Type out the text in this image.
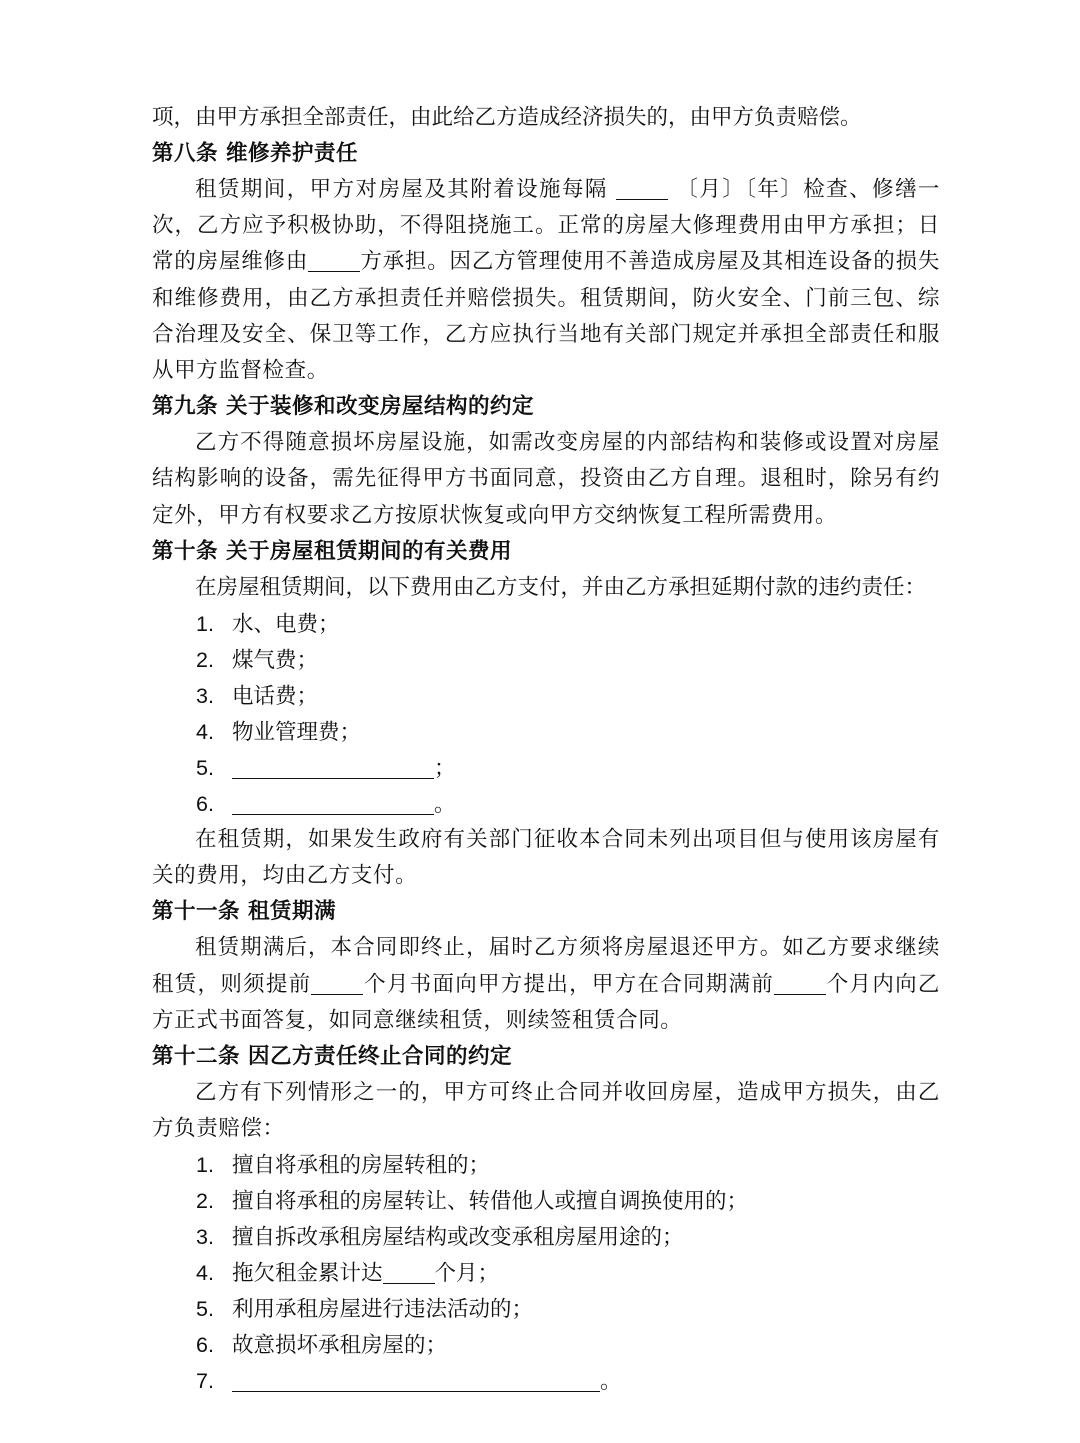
项，由甲方承担全部责任，由此给乙方造成经济损失的，由甲方负责赔偿。
第八条 维修养护责任
租赁期间，甲方对房屋及其附着设施每隔	〔月〕〔年〕检查、修缮一次，乙方应予积极协助，不得阻挠施工。正常的房屋大修理费用由甲方承担；日常的房屋维修由 方承担。因乙方管理使用不善造成房屋及其相连设备的损失和维修费用，由乙方承担责任并赔偿损失。租赁期间，防火安全、门前三包、综合治理及安全、保卫等工作，乙方应执行当地有关部门规定并承担全部责任和服从甲方监督检查。
第九条 关于装修和改变房屋结构的约定
乙方不得随意损坏房屋设施，如需改变房屋的内部结构和装修或设置对房屋结构影响的设备，需先征得甲方书面同意，投资由乙方自理。退租时，除另有约定外，甲方有权要求乙方按原状恢复或向甲方交纳恢复工程所需费用。
第十条 关于房屋租赁期间的有关费用
在房屋租赁期间，以下费用由乙方支付，并由乙方承担延期付款的违约责任：
1. 水、电费；
2. 煤气费；
3. 电话费；
4. 物业管理费；
5.	；
6.	。
在租赁期，如果发生政府有关部门征收本合同未列出项目但与使用该房屋有关的费用，均由乙方支付。
第十一条 租赁期满
租赁期满后，本合同即终止，届时乙方须将房屋退还甲方。如乙方要求继续租赁，则须提前 个月书面向甲方提出，甲方在合同期满前 个月内向乙方正式书面答复，如同意继续租赁，则续签租赁合同。
第十二条 因乙方责任终止合同的约定
乙方有下列情形之一的，甲方可终止合同并收回房屋，造成甲方损失，由乙方负责赔偿：
1. 擅自将承租的房屋转租的；
2. 擅自将承租的房屋转让、转借他人或擅自调换使用的；
3. 擅自拆改承租房屋结构或改变承租房屋用途的；
4. 拖欠租金累计达 个月；
5. 利用承租房屋进行违法活动的；
6. 故意损坏承租房屋的；
7.	。
